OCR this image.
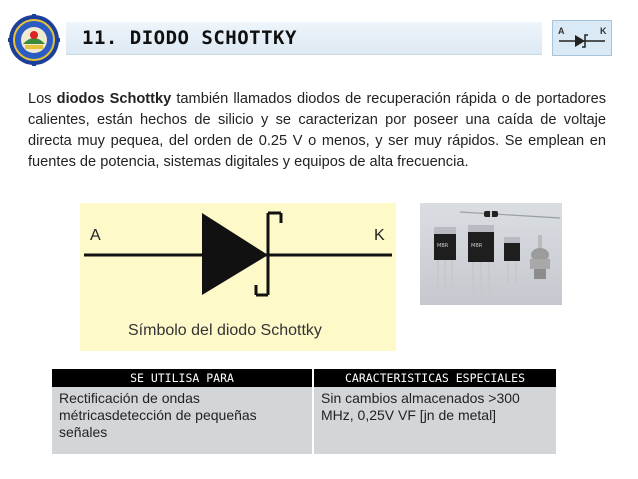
11. DIODO SCHOTTKY	A	K
Los diodos Schottky también llamados diodos de recuperación rápida o de portadores calientes, están hechos de silicio y se caracterizan por poseer una caída de voltaje directa muy pequea, del orden de 0.25 V o menos, y ser muy rápidos. Se emplean en fuentes de potencia, sistemas digitales y equipos de alta frecuencia.
A	K
Símbolo del diodo Schottky
MBR	MBR
SE UTILISA PARA	CARACTERISTICAS ESPECIALES
Rectificación de ondas métricasdetección de pequeñas señales	Sin cambios almacenados >300 MHz, 0,25V VF [jn de metal]
